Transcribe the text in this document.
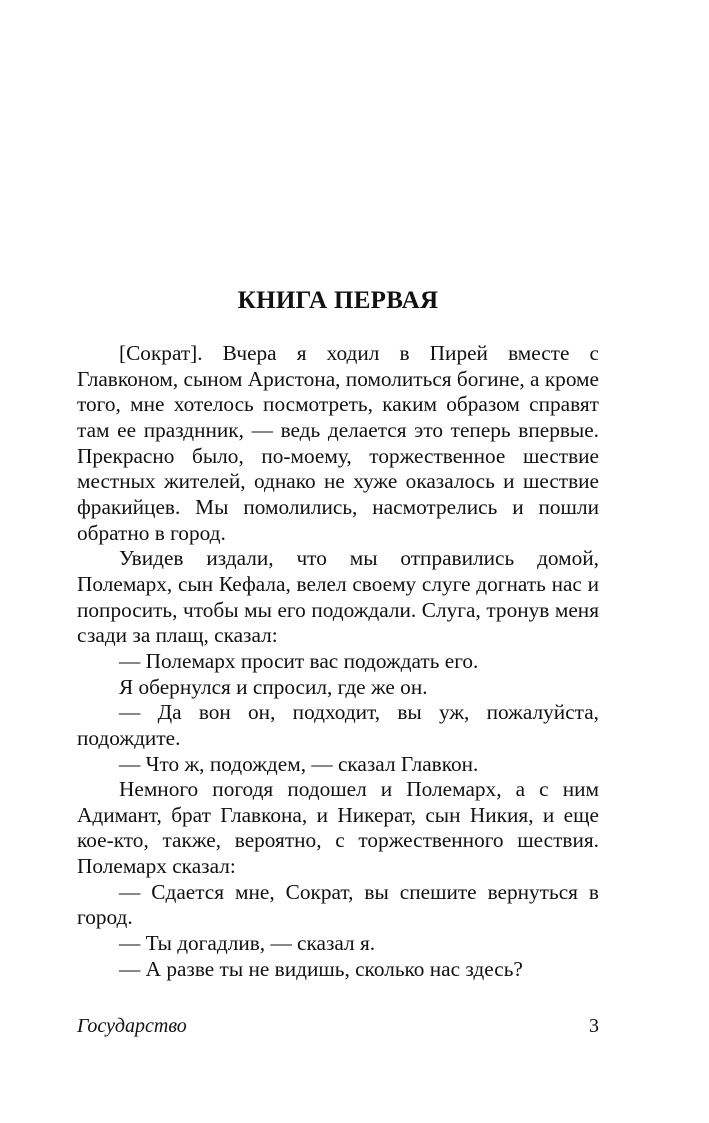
КНИГА ПЕРВАЯ

[Сократ]. Вчера я ходил в Пирей вместе с Главконом, сыном Аристона, помолиться богине, а кроме того, мне хотелось посмотреть, каким образом справят там ее празднник, — ведь делается это теперь впервые. Прекрасно было, по-моему, торжественное шествие местных жителей, однако не хуже оказалось и шествие фракийцев. Мы помолились, насмотрелись и пошли обратно в город.

Увидев издали, что мы отправились домой, Полемарх, сын Кефала, велел своему слуге догнать нас и попросить, чтобы мы его подождали. Слуга, тронув меня сзади за плащ, сказал:

— Полемарх просит вас подождать его.

Я обернулся и спросил, где же он.

— Да вон он, подходит, вы уж, пожалуйста, подождите.

— Что ж, подождем, — сказал Главкон.

Немного погодя подошел и Полемарх, а с ним Адимант, брат Главкона, и Никерат, сын Никия, и еще кое-кто, также, вероятно, с торжественного шествия. Полемарх сказал:

— Сдается мне, Сократ, вы спешите вернуться в город.

— Ты догадлив, — сказал я.

— А разве ты не видишь, сколько нас здесь?

Государство	3
